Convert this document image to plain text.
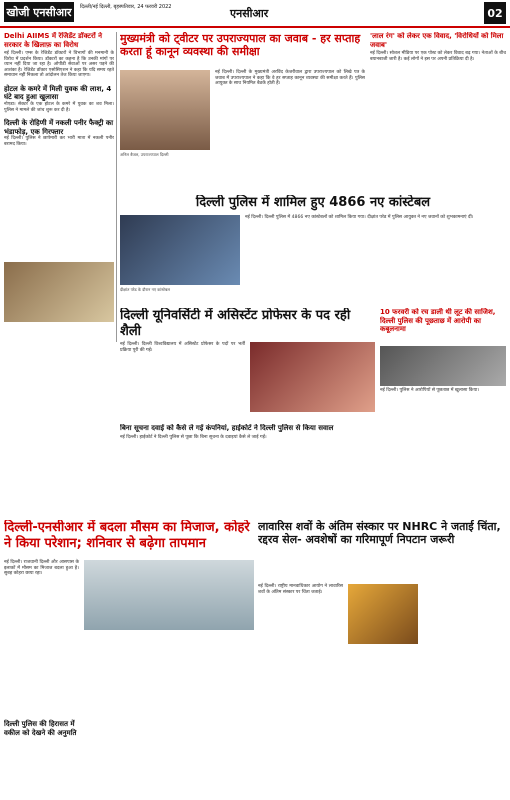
खोजी एनसीआर	दिल्ली/नई दिल्ली, बृहस्पतिवार, 24 फरवरी 2022	एनसीआर	02
Delhi AIIMS में रेजिडेंट डॉक्टरों ने सरकार के खिलाफ़ का विरोध
नई दिल्ली। एम्स के रेजिडेंट डॉक्टरों ने विभागों की मनमानी के विरोध में प्रदर्शन किया। डॉक्टरों का कहना है कि उनकी मांगों पर ध्यान नहीं दिया जा रहा है। ओपीडी सेवाओं पर असर पड़ने की आशंका है। रेजिडेंट डॉक्टर एसोसिएशन ने कहा कि यदि समय रहते समाधान नहीं निकला तो आंदोलन तेज किया जाएगा।
होटल के कमरे में मिली युवक की लाश, 4 घंटे बाद हुआ खुलासा
नोएडा। सेक्टर के एक होटल के कमरे में युवक का शव मिला। पुलिस ने मामले की जांच शुरू कर दी है।
दिल्ली के रोहिणी में नकली पनीर फैक्ट्री का भंडाफोड़, एक गिरफ्तार
नई दिल्ली। पुलिस ने छापेमारी कर भारी मात्रा में नकली पनीर बरामद किया।
मुख्यमंत्री को ट्वीटर पर उपराज्यपाल का जवाब - हर सप्ताह करता हूं कानून व्यवस्था की समीक्षा
अनिल बैजल, उपराज्यपाल दिल्ली
नई दिल्ली। दिल्ली के मुख्यमंत्री अरविंद केजरीवाल द्वारा उपराज्यपाल को लिखे पत्र के जवाब में उपराज्यपाल ने कहा कि वे हर सप्ताह कानून व्यवस्था की समीक्षा करते हैं। पुलिस आयुक्त के साथ नियमित बैठकें होती हैं।
'लाल रंग' को लेकर एक विवाद, 'विरोधियों को मिला जवाब'
नई दिल्ली। सोशल मीडिया पर एक पोस्ट को लेकर विवाद बढ़ गया। नेताओं के बीच बयानबाजी जारी है। कई लोगों ने इस पर अपनी प्रतिक्रिया दी है।
दिल्ली पुलिस में शामिल हुए 4866 नए कांस्टेबल
दीक्षांत परेड के दौरान नए कांस्टेबल
नई दिल्ली। दिल्ली पुलिस में 4866 नए कांस्टेबलों को शामिल किया गया। दीक्षांत परेड में पुलिस आयुक्त ने नए जवानों को शुभकामनाएं दीं।
दिल्ली यूनिवर्सिटी में असिस्टेंट प्रोफेसर के पद रही शैली
नई दिल्ली। दिल्ली विश्वविद्यालय में असिस्टेंट प्रोफेसर के पदों पर भर्ती प्रक्रिया पूरी की गई।
10 फरवरी को रच डाली थी लूट की साजिश, दिल्ली पुलिस की पूछताछ में आरोपी का कबूलनामा
नई दिल्ली। पुलिस ने आरोपियों से पूछताछ में खुलासा किया।
बिना सूचना दवाई को कैसे ले गई कंपनियां, हाईकोर्ट ने दिल्ली पुलिस से किया सवाल
नई दिल्ली। हाईकोर्ट ने दिल्ली पुलिस से पूछा कि बिना सूचना के दवाइयां कैसे ले जाई गईं।
दिल्ली-एनसीआर में बदला मौसम का मिजाज, कोहरे ने किया परेशान; शनिवार से बढ़ेगा तापमान
नई दिल्ली। राजधानी दिल्ली और आसपास के इलाकों में मौसम का मिजाज बदला हुआ है। सुबह कोहरा छाया रहा।
दिल्ली पुलिस की हिरासत में वकील को देखने की अनुमति
लावारिस शवों के अंतिम संस्कार पर NHRC ने जताई चिंता, रद्दरव सेल- अवशेषों का गरिमापूर्ण निपटान जरूरी
नई दिल्ली। राष्ट्रीय मानवाधिकार आयोग ने लावारिस शवों के अंतिम संस्कार पर चिंता जताई।
